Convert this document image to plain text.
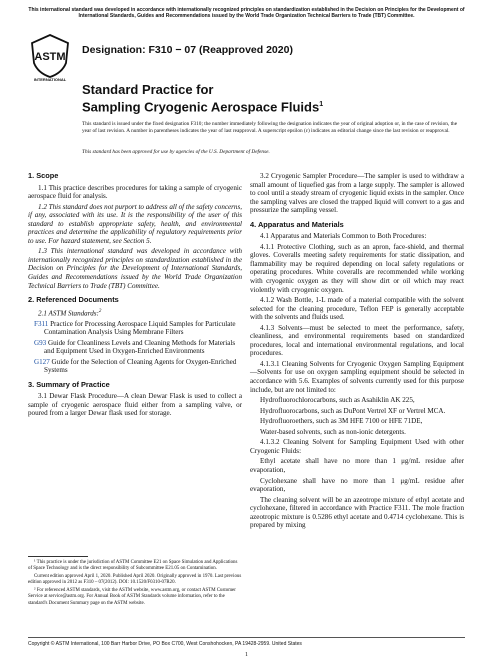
This international standard was developed in accordance with internationally recognized principles on standardization established in the Decision on Principles for the Development of International Standards, Guides and Recommendations issued by the World Trade Organization Technical Barriers to Trade (TBT) Committee.
ASTM
INTERNATIONAL
Designation: F310 − 07 (Reapproved 2020)
Standard Practice for
Sampling Cryogenic Aerospace Fluids$^1$
This standard is issued under the fixed designation F310; the number immediately following the designation indicates the year of original adoption or, in the case of revision, the year of last revision. A number in parentheses indicates the year of last reapproval. A superscript epsilon (ε) indicates an editorial change since the last revision or reapproval.
This standard has been approved for use by agencies of the U.S. Department of Defense.
1. Scope

1.1 This practice describes procedures for taking a sample of cryogenic aerospace fluid for analysis.

1.2 This standard does not purport to address all of the safety concerns, if any, associated with its use. It is the responsibility of the user of this standard to establish appropriate safety, health, and environmental practices and determine the applicability of regulatory requirements prior to use. For hazard statement, see Section 5.

1.3 This international standard was developed in accordance with internationally recognized principles on standardization established in the Decision on Principles for the Development of International Standards, Guides and Recommendations issued by the World Trade Organization Technical Barriers to Trade (TBT) Committee.

2. Referenced Documents

2.1 ASTM Standards:$^2$

F311 Practice for Processing Aerospace Liquid Samples for Particulate Contamination Analysis Using Membrane Filters
G93 Guide for Cleanliness Levels and Cleaning Methods for Materials and Equipment Used in Oxygen-Enriched Environments
G127 Guide for the Selection of Cleaning Agents for Oxygen-Enriched Systems
3. Summary of Practice

3.1 Dewar Flask Procedure—A clean Dewar Flask is used to collect a sample of cryogenic aerospace fluid either from a sampling valve, or poured from a larger Dewar flask used for storage.

3.2 Cryogenic Sampler Procedure—The sampler is used to withdraw a small amount of liquefied gas from a large supply. The sampler is allowed to cool until a steady stream of cryogenic liquid exists in the sampler. Once the sampling valves are closed the trapped liquid will convert to a gas and pressurize the sampling vessel.

4. Apparatus and Materials

4.1 Apparatus and Materials Common to Both Procedures:

4.1.1 Protective Clothing, such as an apron, face-shield, and thermal gloves. Coveralls meeting safety requirements for static dissipation, and flammability may be required depending on local safety regulations or operating procedures. White coveralls are recommended while working with cryogenic oxygen as they will show dirt or oil which may react violently with cryogenic oxygen.

4.1.2 Wash Bottle, 1-L made of a material compatible with the solvent selected for the cleaning procedure, Teflon FEP is generally acceptable with the solvents and fluids used.

4.1.3 Solvents—must be selected to meet the performance, safety, cleanliness, and environmental requirements based on standardized procedures, local and international environmental regulations, and local procedures.

4.1.3.1 Cleaning Solvents for Cryogenic Oxygen Sampling Equipment—Solvents for use on oxygen sampling equipment should be selected in accordance with 5.6. Examples of solvents currently used for this purpose include, but are not limited to:

Hydrofluorochlorocarbons, such as Asahiklin AK 225,

Hydrofluorocarbons, such as DuPont Vertrel XF or Vertrel MCA.

Hydrofluoroethers, such as 3M HFE 7100 or HFE 71DE,

Water-based solvents, such as non-ionic detergents.

4.1.3.2 Cleaning Solvent for Sampling Equipment Used with other Cryogenic Fluids:

Ethyl acetate shall have no more than 1 μg/mL residue after evaporation,

Cyclohexane shall have no more than 1 μg/mL residue after evaporation,

The cleaning solvent will be an azeotrope mixture of ethyl acetate and cyclohexane, filtered in accordance with Practice F311. The mole fraction azeotropic mixture is 0.5286 ethyl acetate and 0.4714 cyclohexane. This is prepared by mixing

¹ This practice is under the jurisdiction of ASTM Committee E21 on Space Simulation and Applications of Space Technology and is the direct responsibility of Subcommittee E21.05 on Contamination.

Current edition approved April 1, 2020. Published April 2020. Originally approved in 1970. Last previous edition approved in 2012 as F310 – 07(2012). DOI: 10.1520/F0310-07R20.

² For referenced ASTM standards, visit the ASTM website, www.astm.org, or contact ASTM Customer Service at service@astm.org. For Annual Book of ASTM Standards volume information, refer to the standard's Document Summary page on the ASTM website.

Copyright © ASTM International, 100 Barr Harbor Drive, PO Box C700, West Conshohocken, PA 19428-2959. United States
1
